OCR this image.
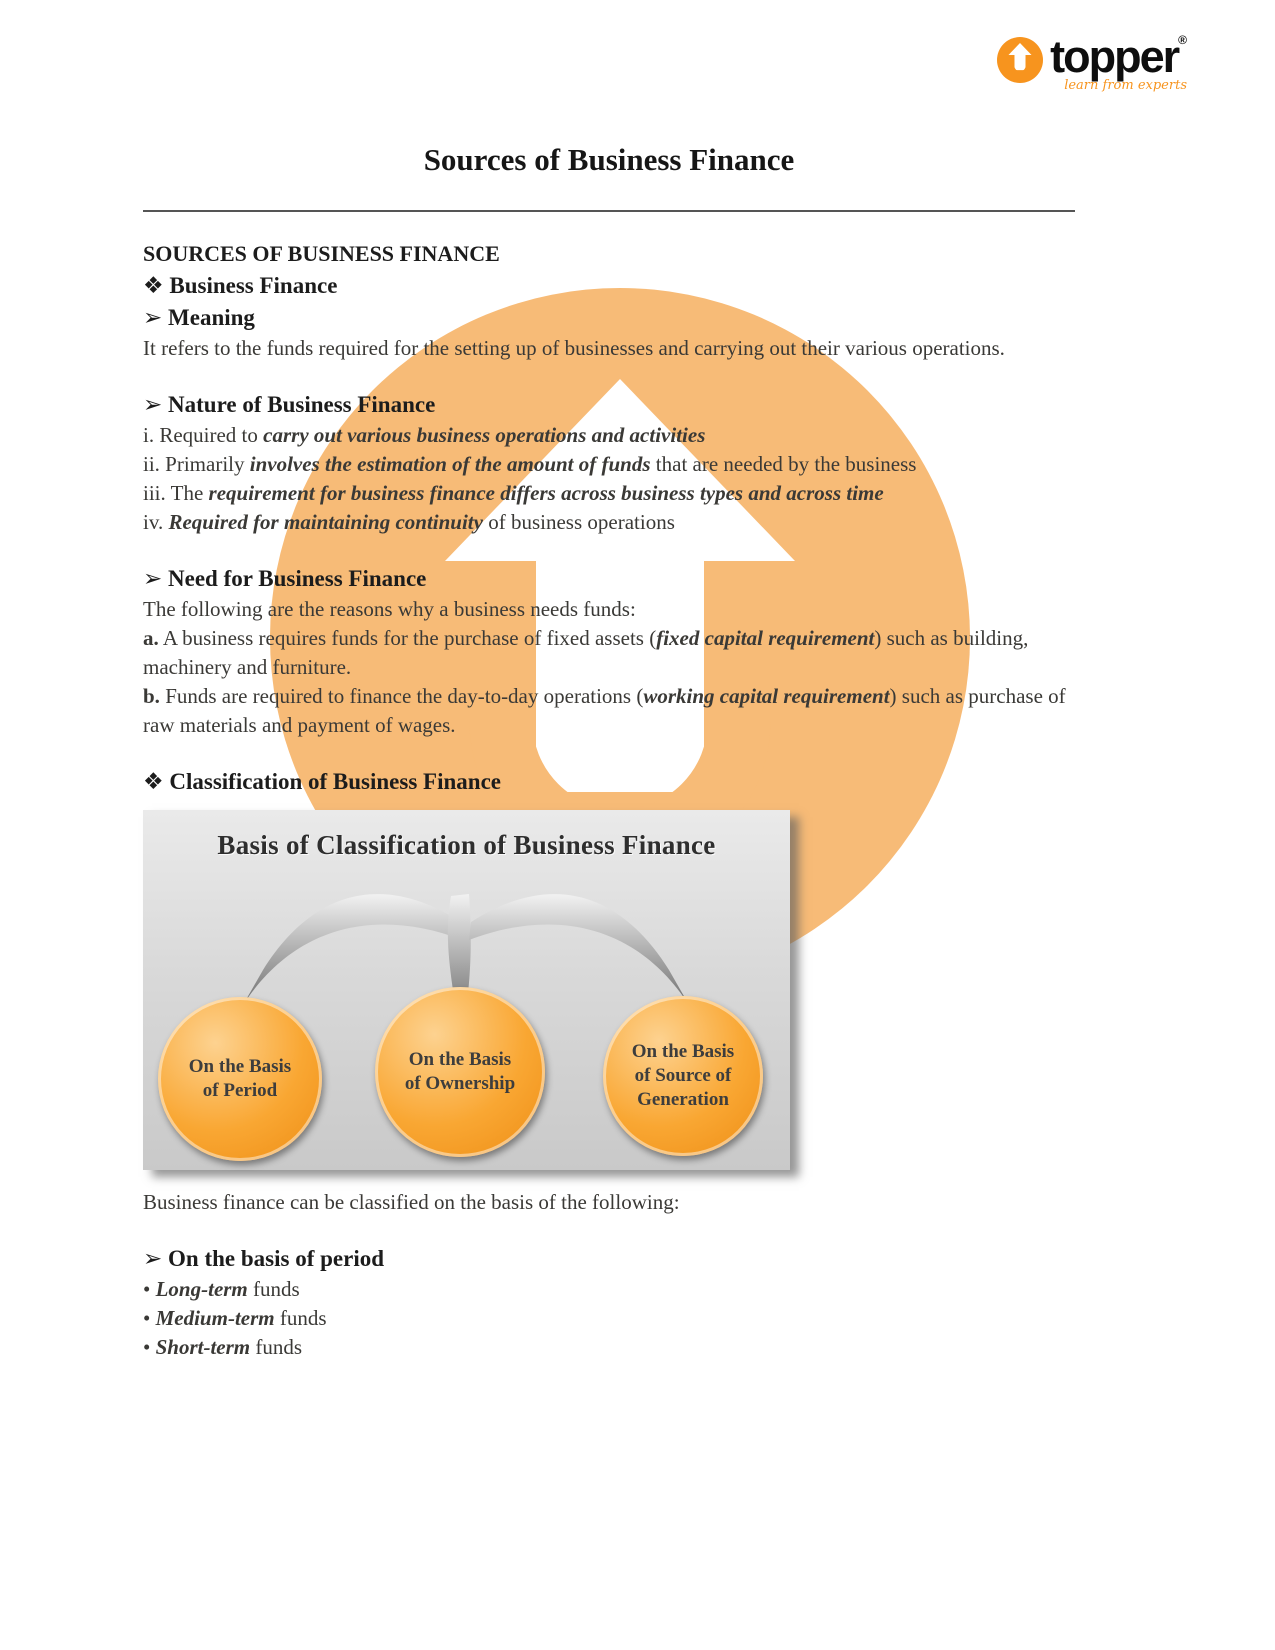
topper®
learn from experts
Sources of Business Finance

SOURCES OF BUSINESS FINANCE

❖ Business Finance

➢ Meaning

It refers to the funds required for the setting up of businesses and carrying out their various operations.

➢ Nature of Business Finance

i. Required to carry out various business operations and activities

ii. Primarily involves the estimation of the amount of funds that are needed by the business

iii. The requirement for business finance differs across business types and across time

iv. Required for maintaining continuity of business operations

➢ Need for Business Finance

The following are the reasons why a business needs funds:

a. A business requires funds for the purchase of fixed assets (fixed capital requirement) such as building, machinery and furniture.

b. Funds are required to finance the day-to-day operations (working capital requirement) such as purchase of raw materials and payment of wages.

❖ Classification of Business Finance

Basis of Classification of Business Finance
On the Basis
of Period
On the Basis
of Ownership
On the Basis
of Source of
Generation

Business finance can be classified on the basis of the following:

➢ On the basis of period

• Long-term funds

• Medium-term funds

• Short-term funds
